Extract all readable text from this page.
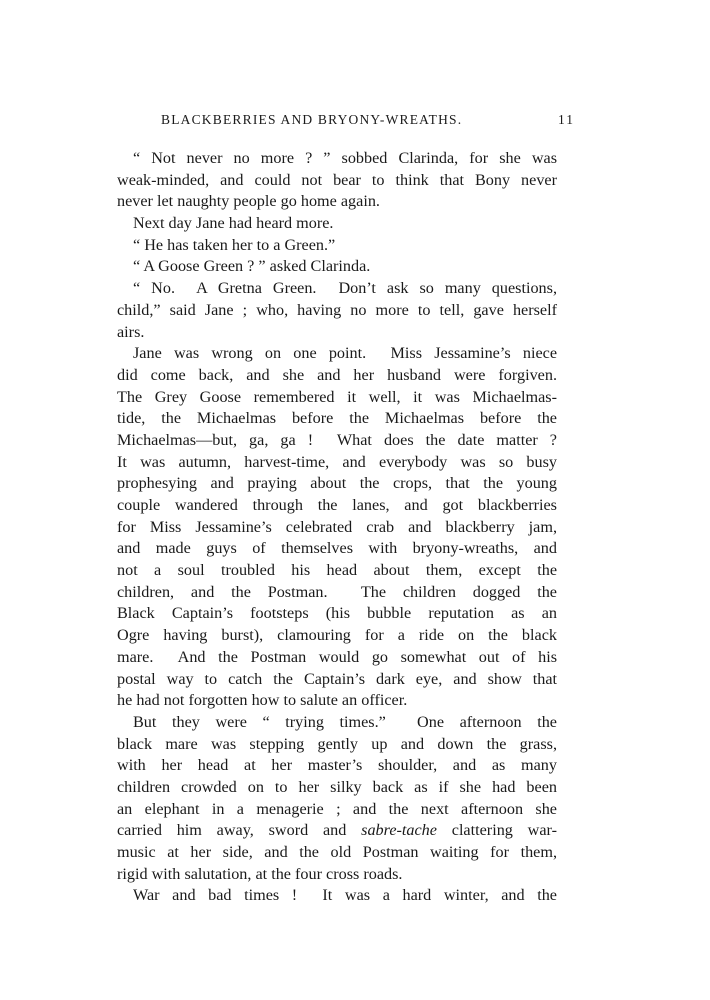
BLACKBERRIES AND BRYONY-WREATHS.	11
“ Not never no more ? ” sobbed Clarinda, for she was
weak-minded, and could not bear to think that Bony never
never let naughty people go home again.
Next day Jane had heard more.
“ He has taken her to a Green.”
“ A Goose Green ? ” asked Clarinda.
“ No.  A Gretna Green.  Don’t ask so many questions,
child,” said Jane ; who, having no more to tell, gave herself
airs.
Jane was wrong on one point.  Miss Jessamine’s niece
did come back, and she and her husband were forgiven.
The Grey Goose remembered it well, it was Michaelmas-
tide, the Michaelmas before the Michaelmas before the
Michaelmas—but, ga, ga !  What does the date matter ?
It was autumn, harvest-time, and everybody was so busy
prophesying and praying about the crops, that the young
couple wandered through the lanes, and got blackberries
for Miss Jessamine’s celebrated crab and blackberry jam,
and made guys of themselves with bryony-wreaths, and
not a soul troubled his head about them, except the
children, and the Postman.  The children dogged the
Black Captain’s footsteps (his bubble reputation as an
Ogre having burst), clamouring for a ride on the black
mare.  And the Postman would go somewhat out of his
postal way to catch the Captain’s dark eye, and show that
he had not forgotten how to salute an officer.
But they were “ trying times.”  One afternoon the
black mare was stepping gently up and down the grass,
with her head at her master’s shoulder, and as many
children crowded on to her silky back as if she had been
an elephant in a menagerie ; and the next afternoon she
carried him away, sword and sabre-tache clattering war-
music at her side, and the old Postman waiting for them,
rigid with salutation, at the four cross roads.
War and bad times !  It was a hard winter, and the
